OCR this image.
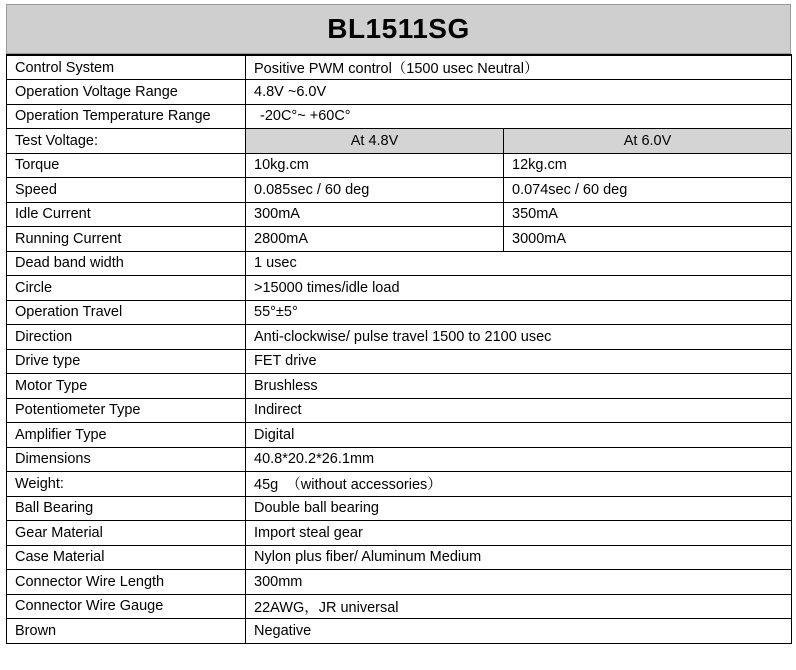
BL1511SG
Control System	Positive PWM control（1500 usec Neutral）	
Operation Voltage Range	4.8V ~6.0V	
Operation Temperature Range	-20C°~ +60C°	
Test Voltage:	At 4.8V	At 6.0V
Torque	10kg.cm	12kg.cm
Speed	0.085sec / 60 deg	0.074sec / 60 deg
Idle Current	300mA	350mA
Running Current	2800mA	3000mA
Dead band width	1 usec	
Circle	>15000 times/idle load	
Operation Travel	55°±5°	
Direction	Anti-clockwise/ pulse travel 1500 to 2100 usec	
Drive type	FET drive	
Motor Type	Brushless	
Potentiometer Type	Indirect	
Amplifier Type	Digital	
Dimensions	40.8*20.2*26.1mm	
Weight:	45g  （without accessories）	
Ball Bearing	Double ball bearing	
Gear Material	Import steal gear	
Case Material	Nylon plus fiber/ Aluminum Medium	
Connector Wire Length	300mm	
Connector Wire Gauge	22AWG，JR universal	
Brown	Negative	
